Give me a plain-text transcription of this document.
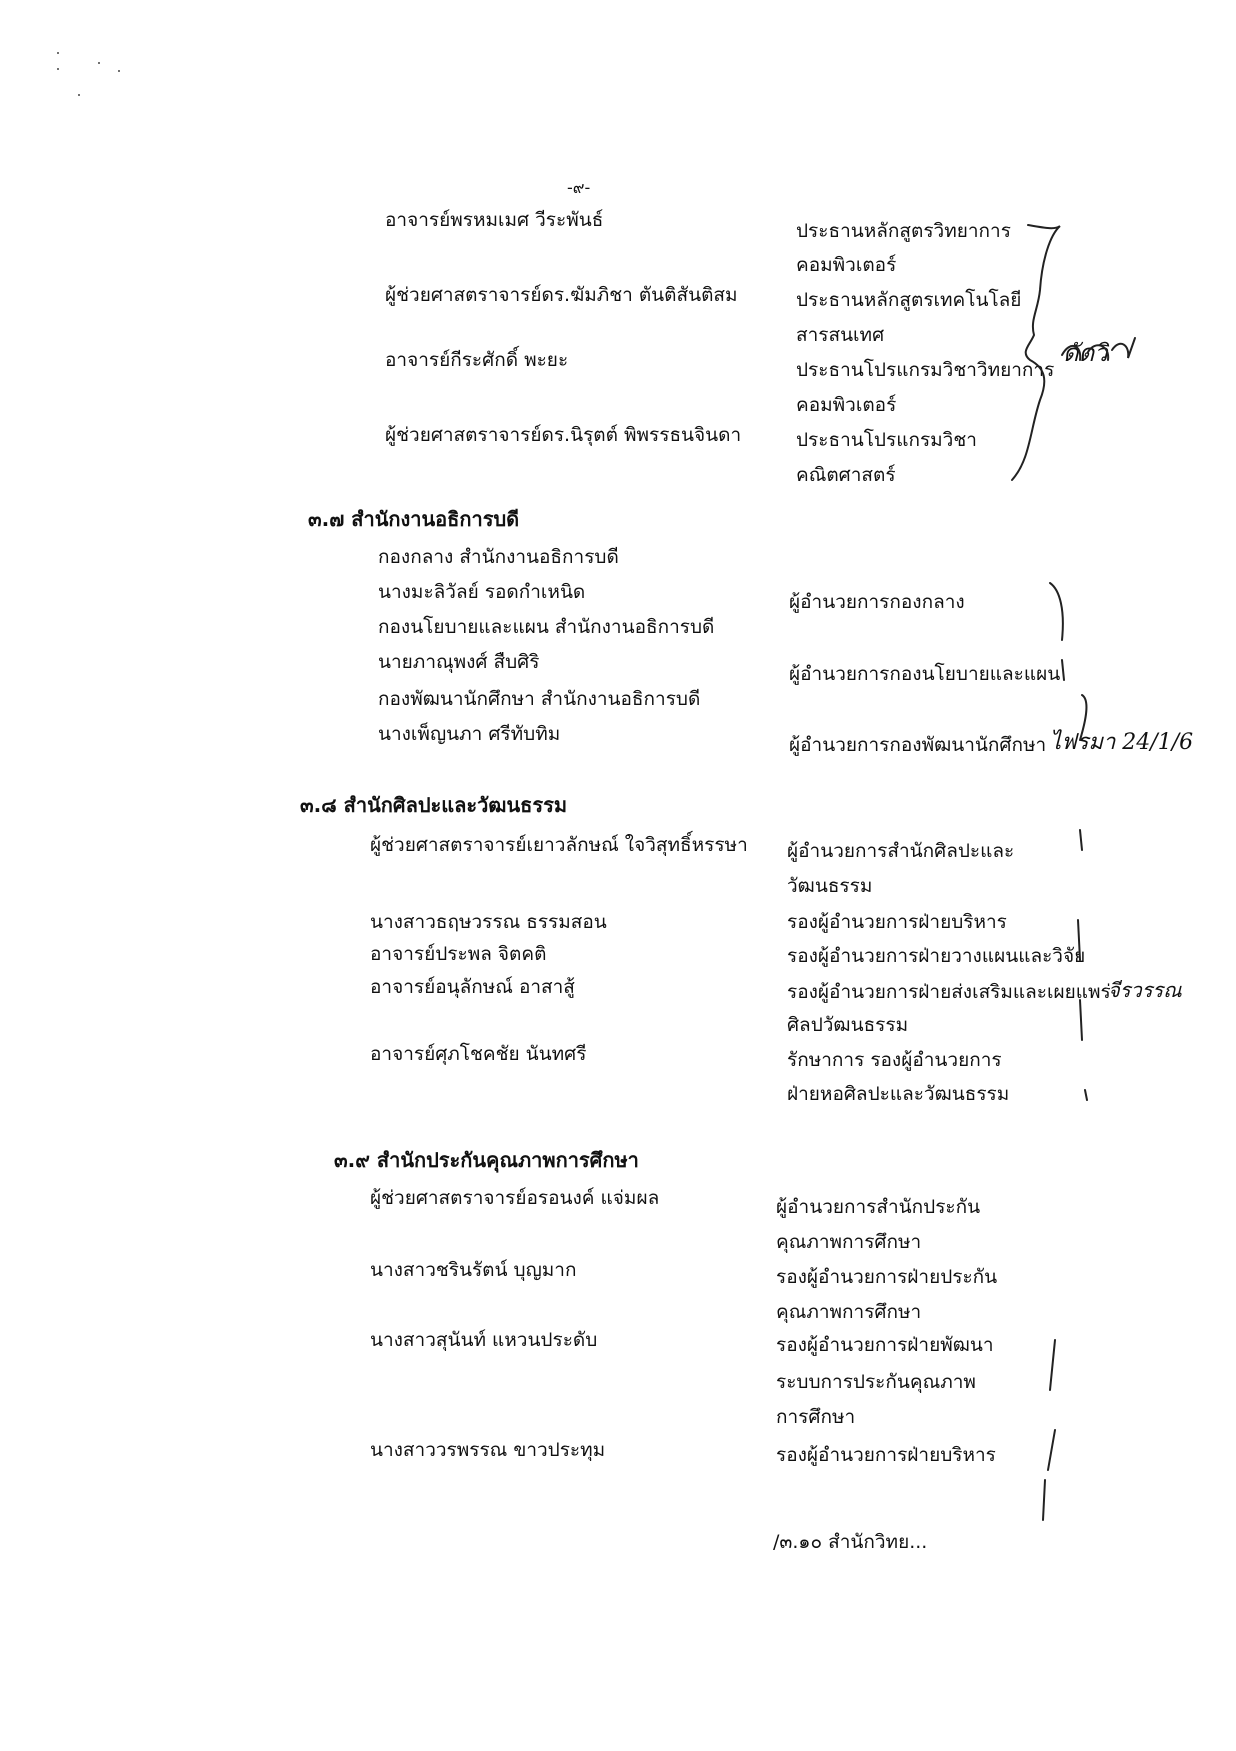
-๙-
อาจารย์พรหมเมศ วีระพันธ์	ประธานหลักสูตรวิทยาการ
คอมพิวเตอร์
ผู้ช่วยศาสตราจารย์ดร.ฆัมภิชา ตันติสันติสม	ประธานหลักสูตรเทคโนโลยี
สารสนเทศ
อาจารย์กีระศักดิ์ พะยะ	ประธานโปรแกรมวิชาวิทยาการ
คอมพิวเตอร์
ผู้ช่วยศาสตราจารย์ดร.นิรุตต์ พิพรรธนจินดา	ประธานโปรแกรมวิชา
คณิตศาสตร์
ดัดวิ
๓.๗ สำนักงานอธิการบดี
กองกลาง สำนักงานอธิการบดี
นางมะลิวัลย์ รอดกำเหนิด	ผู้อำนวยการกองกลาง
กองนโยบายและแผน สำนักงานอธิการบดี
นายภาณุพงศ์ สืบศิริ
ผู้อำนวยการกองนโยบายและแผน
กองพัฒนานักศึกษา สำนักงานอธิการบดี
นางเพ็ญนภา ศรีทับทิม	ผู้อำนวยการกองพัฒนานักศึกษา ไฟรมา 24/1/6
๓.๘ สำนักศิลปะและวัฒนธรรม
ผู้ช่วยศาสตราจารย์เยาวลักษณ์ ใจวิสุทธิ์หรรษา ผู้อำนวยการสำนักศิลปะและ
วัฒนธรรม
นางสาวธฤษวรรณ ธรรมสอน	รองผู้อำนวยการฝ่ายบริหาร
อาจารย์ประพล จิตคติ	รองผู้อำนวยการฝ่ายวางแผนและวิจัย
อาจารย์อนุลักษณ์ อาสาสู้	รองผู้อำนวยการฝ่ายส่งเสริมและเผยแพร่
ศิลปวัฒนธรรม
อาจารย์ศุภโชคชัย นันทศรี	รักษาการ รองผู้อำนวยการ
ฝ่ายหอศิลปะและวัฒนธรรม
จีรวรรณ
๓.๙ สำนักประกันคุณภาพการศึกษา
ผู้ช่วยศาสตราจารย์อรอนงค์ แจ่มผล	ผู้อำนวยการสำนักประกัน
คุณภาพการศึกษา
นางสาวชรินรัตน์ บุญมาก	รองผู้อำนวยการฝ่ายประกัน
คุณภาพการศึกษา
นางสาวสุนันท์ แหวนประดับ	รองผู้อำนวยการฝ่ายพัฒนา
ระบบการประกันคุณภาพ
การศึกษา
นางสาววรพรรณ ขาวประทุม	รองผู้อำนวยการฝ่ายบริหาร
/๓.๑๐ สำนักวิทย...
